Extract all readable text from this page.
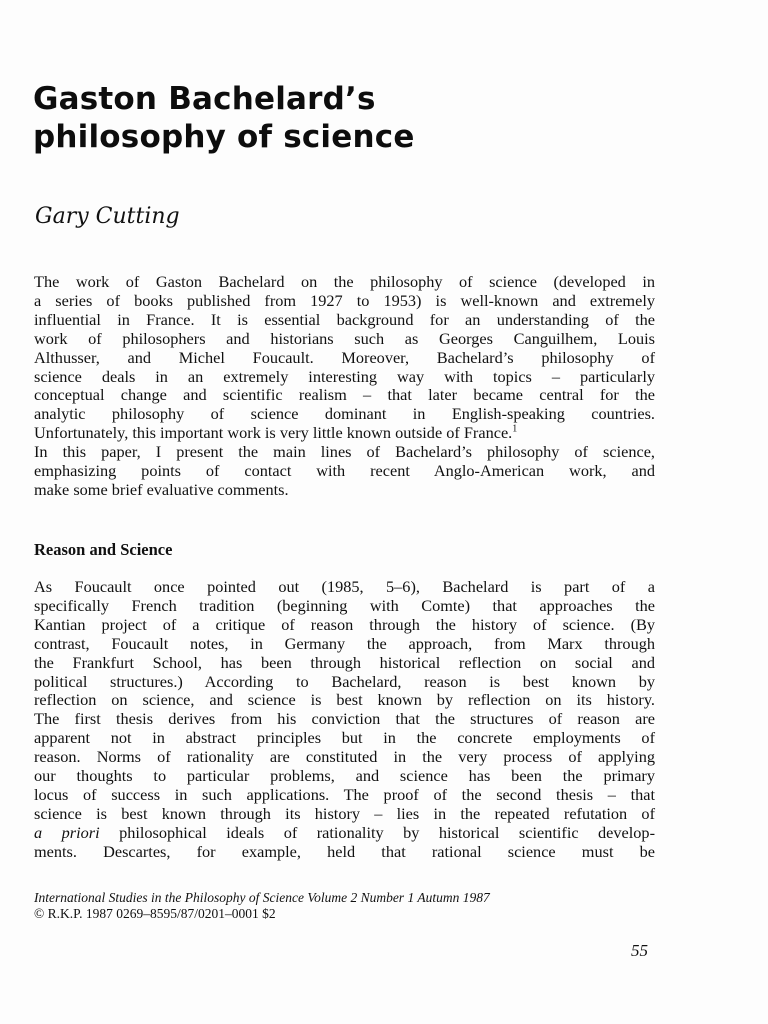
Gaston Bachelard’s
philosophy of science

Gary Cutting

The work of Gaston Bachelard on the philosophy of science (developed in
a series of books published from 1927 to 1953) is well-known and extremely
influential in France. It is essential background for an understanding of the
work of philosophers and historians such as Georges Canguilhem, Louis
Althusser, and Michel Foucault. Moreover, Bachelard’s philosophy of
science deals in an extremely interesting way with topics – particularly
conceptual change and scientific realism – that later became central for the
analytic philosophy of science dominant in English-speaking countries.
Unfortunately, this important work is very little known outside of France.$^1$
In this paper, I present the main lines of Bachelard’s philosophy of science,
emphasizing points of contact with recent Anglo-American work, and
make some brief evaluative comments.
Reason and Science
As Foucault once pointed out (1985, 5–6), Bachelard is part of a
specifically French tradition (beginning with Comte) that approaches the
Kantian project of a critique of reason through the history of science. (By
contrast, Foucault notes, in Germany the approach, from Marx through
the Frankfurt School, has been through historical reflection on social and
political structures.) According to Bachelard, reason is best known by
reflection on science, and science is best known by reflection on its history.
The first thesis derives from his conviction that the structures of reason are
apparent not in abstract principles but in the concrete employments of
reason. Norms of rationality are constituted in the very process of applying
our thoughts to particular problems, and science has been the primary
locus of success in such applications. The proof of the second thesis – that
science is best known through its history – lies in the repeated refutation of
a priori philosophical ideals of rationality by historical scientific develop-
ments. Descartes, for example, held that rational science must be
International Studies in the Philosophy of Science Volume 2 Number 1 Autumn 1987
© R.K.P. 1987 0269–8595/87/0201–0001 $2
55
